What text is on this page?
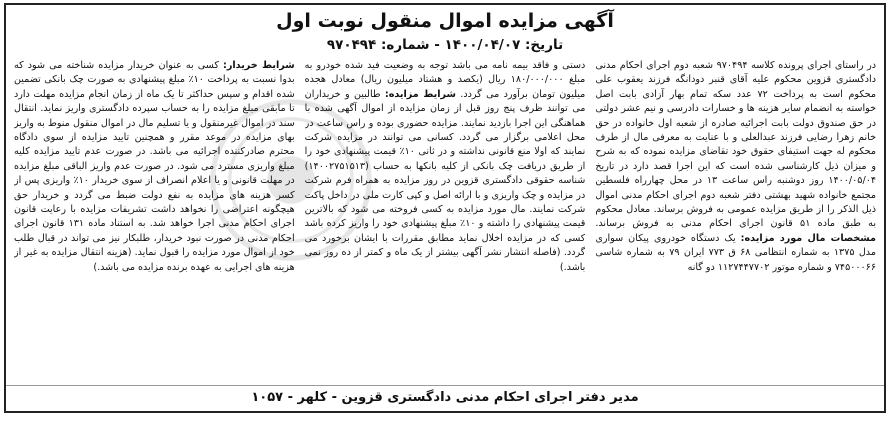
آگهی مزایده اموال منقول نوبت اول
تاریخ: ۱۴۰۰/۰۴/۰۷ - شماره: ۹۷۰۴۹۴

در راستای اجرای پرونده کلاسه ۹۷۰۴۹۴ شعبه دوم اجرای احکام مدنی دادگستری قزوین محکوم علیه آقای قنبر دودانگه فرزند یعقوب علی محکوم است به پرداخت ۷۲ عدد سکه تمام بهار آزادی بابت اصل خواسته به انضمام سایر هزینه ها و خسارات دادرسی و نیم عشر دولتی در حق صندوق دولت بابت اجرائیه صادره از شعبه اول خانواده در حق خانم زهرا رضایی فرزند عبدالعلی و با عنایت به معرفی مال از طرف محکوم له جهت استیفای حقوق خود تقاضای مزایده نموده که به شرح و میزان ذیل کارشناسی شده است که این اجرا قصد دارد در تاریخ ۱۴۰۰/۰۵/۰۴ روز دوشنبه راس ساعت ۱۳ در محل چهارراه فلسطین مجتمع خانواده شهید بهشتی دفتر شعبه دوم اجرای احکام مدنی اموال ذیل الذکر را از طریق مزایده عمومی به فروش برساند. معادل محکوم به طبق ماده ۵۱ قانون اجرای احکام مدنی به فروش برساند. مشخصات مال مورد مزایده: یک دستگاه خودروی پیکان سواری مدل ۱۳۷۵ به شماره انتظامی ۶۸ ق ۷۷۳ ایران ۷۹ به شماره شاسی ۷۴۵۰۰۰۶۶ و شماره موتور ۱۱۲۷۴۴۷۷۰۲ دو گانه

دستی و فاقد بیمه نامه می باشد توجه به وضعیت فید شده خودرو به مبلغ ۱۸۰/۰۰۰/۰۰۰ ریال (یکصد و هشتاد میلیون ریال) معادل هجده میلیون تومان برآورد می گردد. شرایط مزایده: طالبین و خریداران می توانند ظرف پنج روز قبل از زمان مزایده از اموال آگهی شده با هماهنگی این اجرا بازدید نمایند. مزایده حضوری بوده و راس ساعت در محل اعلامی برگزار می گردد. کسانی می توانند در مزایده شرکت نمایند که اولا منع قانونی نداشته و در ثانی ۱۰٪ قیمت پیشنهادی خود را از طریق دریافت چک بانکی از کلیه بانکها به حساب (۱۴۰۰۲۷۵۱۵۱۳) شناسه حقوقی دادگستری قزوین در روز مزایده به همراه فرم شرکت در مزایده و چک واریزی و با ارائه اصل و کپی کارت ملی در داخل پاکت شرکت نمایند. مال مورد مزایده به کسی فروخته می شود که بالاترین قیمت پیشنهادی را داشته و ۱۰٪ مبلغ پیشنهادی خود را واریز کرده باشد کسی که در مزایده اخلال نماید مطابق مقررات با ایشان برخورد می گردد. (فاصله انتشار نشر آگهی بیشتر از یک ماه و کمتر از ده روز نمی باشد.)

شرایط خریدار: کسی به عنوان خریدار مزایده شناخته می شود که بدوا نسبت به پرداخت ۱۰٪ مبلغ پیشنهادی به صورت چک بانکی تضمین شده اقدام و سپس حداکثر تا یک ماه از زمان انجام مزایده مهلت دارد تا مابقی مبلغ مزایده را به حساب سپرده دادگستری واریز نماید. انتقال سند در اموال غیرمنقول و یا تسلیم مال در اموال منقول منوط به واریز بهای مزایده در موعد مقرر و همچنین تایید مزایده از سوی دادگاه محترم صادرکننده اجرائیه می باشد. در صورت عدم تایید مزایده کلیه مبلغ واریزی مسترد می شود. در صورت عدم واریز الباقی مبلغ مزایده در مهلت قانونی و یا اعلام انصراف از سوی خریدار ۱۰٪ واریزی پس از کسر هزینه های مزایده به نفع دولت ضبط می گردد و خریدار حق هیچگونه اعتراضی را نخواهد داشت تشریفات مزایده با رعایت قانون اجرای احکام مدنی اجرا خواهد شد. به استناد ماده ۱۳۱ قانون اجرای احکام مدنی در صورت نبود خریدار، طلبکار نیز می تواند در قبال طلب خود از اموال مورد مزایده را قبول نماید. (هزینه انتقال مزایده به غیر از هزینه های اجرایی به عهده برنده مزایده می باشد.)

مدیر دفتر اجرای احکام مدنی دادگستری قزوین - کلهر - ۱۰۵۷
